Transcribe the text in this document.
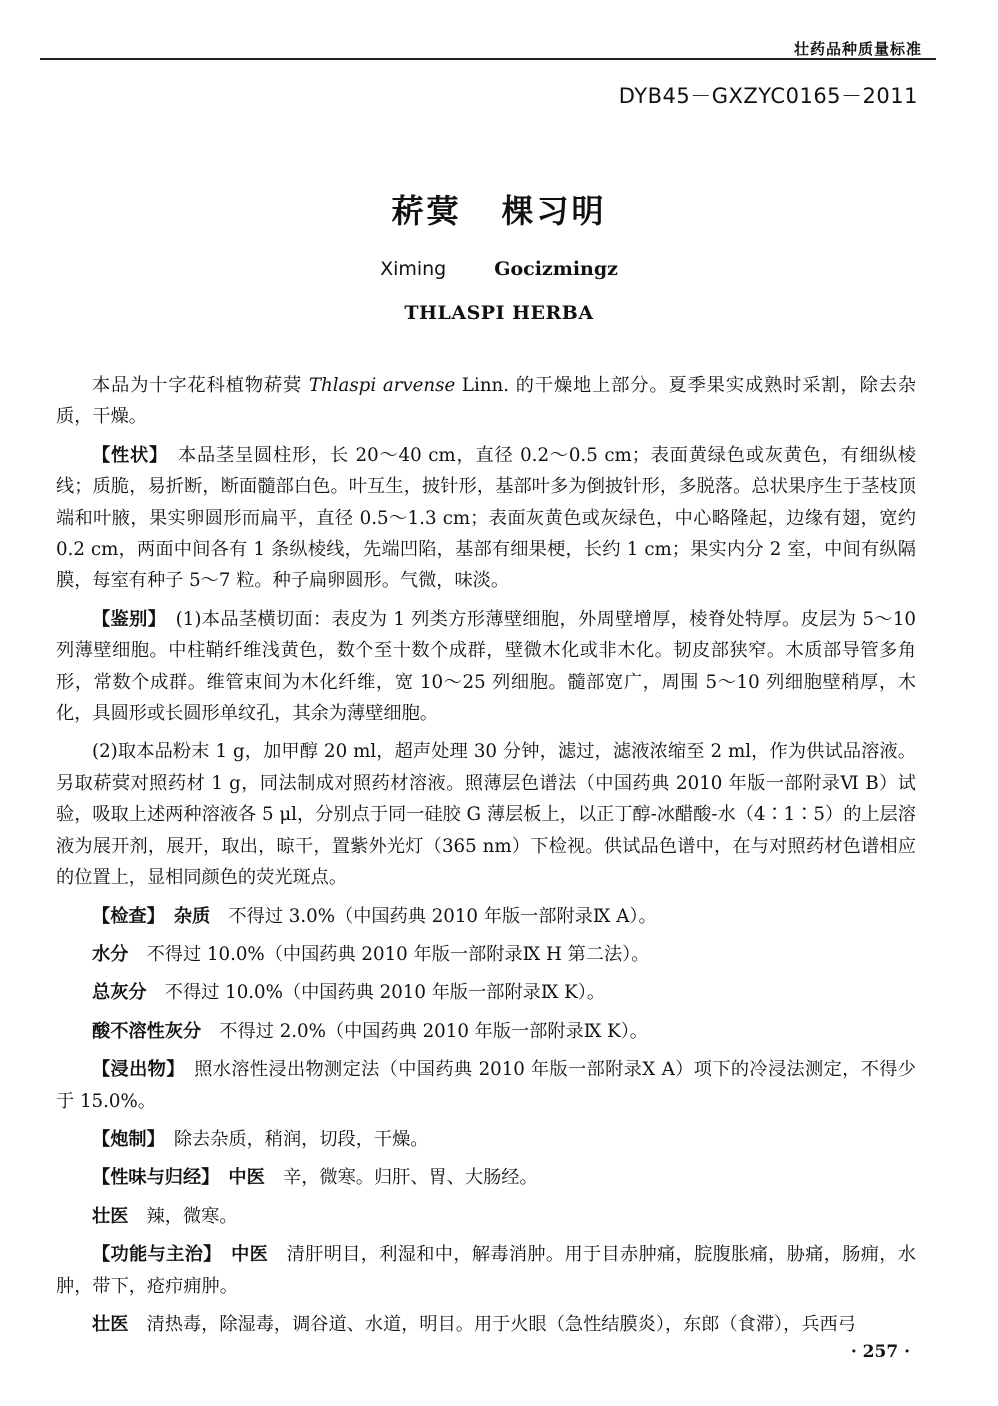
壮药品种质量标准
DYB45－GXZYC0165－2011
菥蓂 棵习明
Ximing	Gocizmingz
THLASPI HERBA

本品为十字花科植物菥蓂 Thlaspi arvense Linn. 的干燥地上部分。夏季果实成熟时采割，除去杂质，干燥。

【性状】　 本品茎呈圆柱形，长 20～40 cm，直径 0.2～0.5 cm；表面黄绿色或灰黄色，有细纵棱线；质脆，易折断，断面髓部白色。叶互生，披针形，基部叶多为倒披针形，多脱落。总状果序生于茎枝顶端和叶腋，果实卵圆形而扁平，直径 0.5～1.3 cm；表面灰黄色或灰绿色，中心略隆起，边缘有翅，宽约 0.2 cm，两面中间各有 1 条纵棱线，先端凹陷，基部有细果梗，长约 1 cm；果实内分 2 室，中间有纵隔膜，每室有种子 5～7 粒。种子扁卵圆形。气微，味淡。

【鉴别】　 (1)本品茎横切面：表皮为 1 列类方形薄壁细胞，外周壁增厚，棱脊处特厚。皮层为 5～10 列薄壁细胞。中柱鞘纤维浅黄色，数个至十数个成群，壁微木化或非木化。韧皮部狭窄。木质部导管多角形，常数个成群。维管束间为木化纤维，宽 10～25 列细胞。髓部宽广，周围 5～10 列细胞壁稍厚，木化，具圆形或长圆形单纹孔，其余为薄壁细胞。

(2)取本品粉末 1 g，加甲醇 20 ml，超声处理 30 分钟，滤过，滤液浓缩至 2 ml，作为供试品溶液。另取菥蓂对照药材 1 g，同法制成对照药材溶液。照薄层色谱法（中国药典 2010 年版一部附录Ⅵ B）试验，吸取上述两种溶液各 5 μl，分别点于同一硅胶 G 薄层板上，以正丁醇-冰醋酸-水（4∶1∶5）的上层溶液为展开剂，展开，取出，晾干，置紫外光灯（365 nm）下检视。供试品色谱中，在与对照药材色谱相应的位置上，显相同颜色的荧光斑点。

【检查】　 杂质　 不得过 3.0%（中国药典 2010 年版一部附录Ⅸ A）。

水分　 不得过 10.0%（中国药典 2010 年版一部附录Ⅸ H 第二法）。

总灰分　 不得过 10.0%（中国药典 2010 年版一部附录Ⅸ K）。

酸不溶性灰分　 不得过 2.0%（中国药典 2010 年版一部附录Ⅸ K）。

【浸出物】　 照水溶性浸出物测定法（中国药典 2010 年版一部附录Ⅹ A）项下的冷浸法测定，不得少于 15.0%。

【炮制】　 除去杂质，稍润，切段，干燥。

【性味与归经】　 中医　 辛，微寒。归肝、胃、大肠经。

壮医　 辣，微寒。

【功能与主治】　 中医　 清肝明目，利湿和中，解毒消肿。用于目赤肿痛，脘腹胀痛，胁痛，肠痈，水肿，带下，疮疖痈肿。

壮医　 清热毒，除湿毒，调谷道、水道，明目。用于火眼（急性结膜炎），东郎（食滞），兵西弓

· 257 ·
